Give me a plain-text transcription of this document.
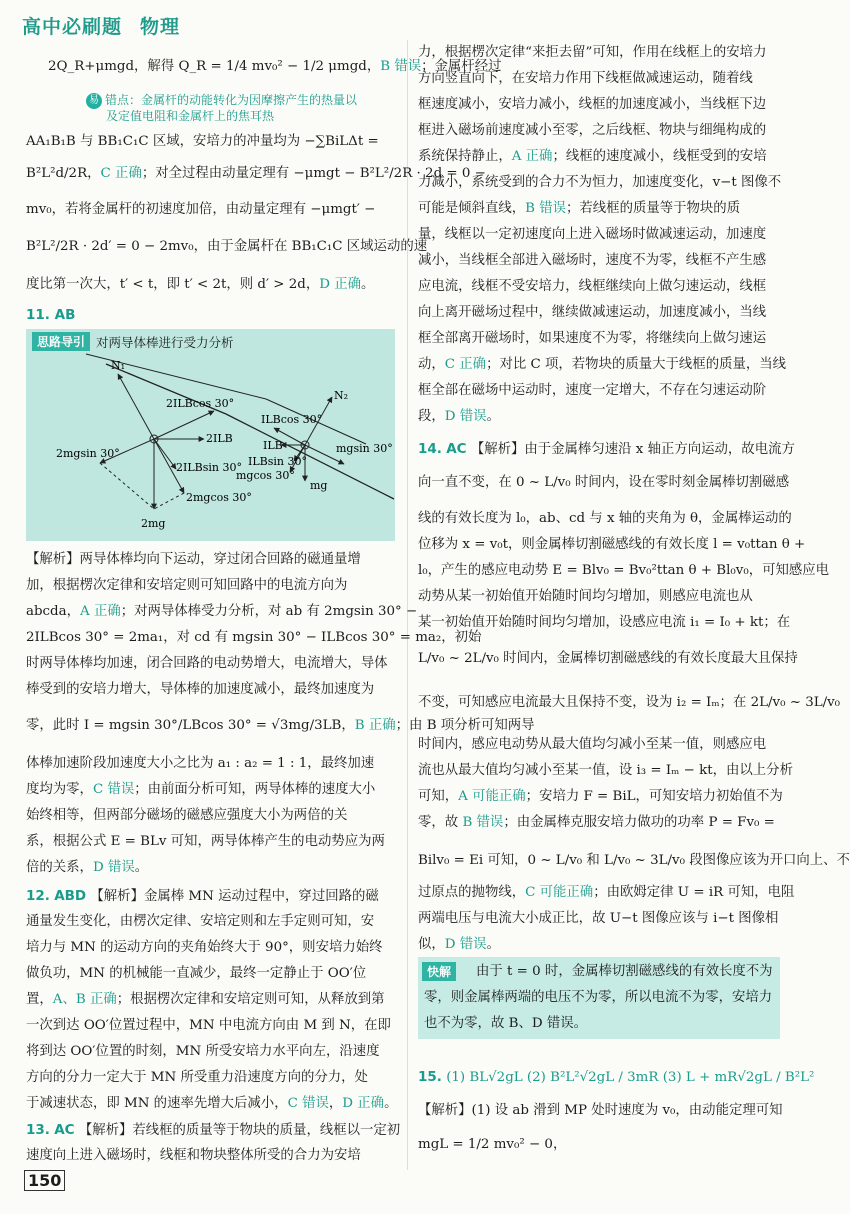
高中必刷题 物理
2Q_R+μmgd，解得 Q_R = 1/4 mv₀² − 1/2 μmgd，B 错误；金属杆经过
易 错点：金属杆的动能转化为因摩擦产生的热量以
及定值电阻和金属杆上的焦耳热
AA₁B₁B 与 BB₁C₁C 区域，安培力的冲量均为 −∑BiLΔt =
B²L²d/2R，C 正确；对全过程由动量定理有 −μmgt − B²L²/2R · 2d = 0 −
mv₀，若将金属杆的初速度加倍，由动量定理有 −μmgt′ −
B²L²/2R · 2d′ = 0 − 2mv₀，由于金属杆在 BB₁C₁C 区域运动的速
度比第一次大，t′ < t，即 t′ < 2t，则 d′ > 2d，D 正确。
11. AB
思路导引 对两导体棒进行受力分析
N₁
2ILBcos 30°
2ILB
2ILBsin 30°
2mgsin 30°
2mgcos 30°
2mg
N₂
ILBcos 30°
ILB
ILBsin 30°
mgsin 30°
mgcos 30°
mg
【解析】两导体棒均向下运动，穿过闭合回路的磁通量增
加，根据楞次定律和安培定则可知回路中的电流方向为
abcda，A 正确；对两导体棒受力分析，对 ab 有 2mgsin 30° −
2ILBcos 30° = 2ma₁，对 cd 有 mgsin 30° − ILBcos 30° = ma₂，初始
时两导体棒均加速，闭合回路的电动势增大，电流增大，导体
棒受到的安培力增大，导体棒的加速度减小，最终加速度为
零，此时 I = mgsin 30°/LBcos 30° = √3mg/3LB，B 正确；由 B 项分析可知两导
体棒加速阶段加速度大小之比为 a₁ : a₂ = 1 : 1，最终加速
度均为零，C 错误；由前面分析可知，两导体棒的速度大小
始终相等，但两部分磁场的磁感应强度大小为两倍的关
系，根据公式 E = BLv 可知，两导体棒产生的电动势应为两
倍的关系，D 错误。
12. ABD 【解析】金属棒 MN 运动过程中，穿过回路的磁
通量发生变化，由楞次定律、安培定则和左手定则可知，安
培力与 MN 的运动方向的夹角始终大于 90°，则安培力始终
做负功，MN 的机械能一直减少，最终一定静止于 OO′位
置，A、B 正确；根据楞次定律和安培定则可知，从释放到第
一次到达 OO′位置过程中，MN 中电流方向由 M 到 N，在即
将到达 OO′位置的时刻，MN 所受安培力水平向左，沿速度
方向的分力一定大于 MN 所受重力沿速度方向的分力，处
于减速状态，即 MN 的速率先增大后减小，C 错误，D 正确。
13. AC 【解析】若线框的质量等于物块的质量，线框以一定初
速度向上进入磁场时，线框和物块整体所受的合力为安培
150
力，根据楞次定律“来拒去留”可知，作用在线框上的安培力
方向竖直向下，在安培力作用下线框做减速运动，随着线
框速度减小，安培力减小，线框的加速度减小，当线框下边
框进入磁场前速度减小至零，之后线框、物块与细绳构成的
系统保持静止，A 正确；线框的速度减小，线框受到的安培
力减小，系统受到的合力不为恒力，加速度变化，v−t 图像不
可能是倾斜直线，B 错误；若线框的质量等于物块的质
量，线框以一定初速度向上进入磁场时做减速运动，加速度
减小，当线框全部进入磁场时，速度不为零，线框不产生感
应电流，线框不受安培力，线框继续向上做匀速运动，线框
向上离开磁场过程中，继续做减速运动，加速度减小，当线
框全部离开磁场时，如果速度不为零，将继续向上做匀速运
动，C 正确；对比 C 项，若物块的质量大于线框的质量，当线
框全部在磁场中运动时，速度一定增大，不存在匀速运动阶
段，D 错误。
14. AC 【解析】由于金属棒匀速沿 x 轴正方向运动，故电流方
向一直不变，在 0 ~ L/v₀ 时间内，设在零时刻金属棒切割磁感
线的有效长度为 l₀，ab、cd 与 x 轴的夹角为 θ，金属棒运动的
位移为 x = v₀t，则金属棒切割磁感线的有效长度 l = v₀ttan θ +
l₀，产生的感应电动势 E = Blv₀ = Bv₀²ttan θ + Bl₀v₀，可知感应电
动势从某一初始值开始随时间均匀增加，则感应电流也从
某一初始值开始随时间均匀增加，设感应电流 i₁ = I₀ + kt；在
L/v₀ ~ 2L/v₀ 时间内，金属棒切割磁感线的有效长度最大且保持
不变，可知感应电流最大且保持不变，设为 i₂ = Iₘ；在 2L/v₀ ~ 3L/v₀
时间内，感应电动势从最大值均匀减小至某一值，则感应电
流也从最大值均匀减小至某一值，设 i₃ = Iₘ − kt，由以上分析
可知，A 可能正确；安培力 F = BiL，可知安培力初始值不为
零，故 B 错误；由金属棒克服安培力做功的功率 P = Fv₀ =
Bilv₀ = Ei 可知，0 ~ L/v₀ 和 L/v₀ ~ 3L/v₀ 段图像应该为开口向上、不
过原点的抛物线，C 可能正确；由欧姆定律 U = iR 可知，电阻
两端电压与电流大小成正比，故 U−t 图像应该与 i−t 图像相
似，D 错误。
快解	由于 t = 0 时，金属棒切割磁感线的有效长度不为
零，则金属棒两端的电压不为零，所以电流不为零，安培力
也不为零，故 B、D 错误。
15. (1) BL√2gL (2) B²L²√2gL / 3mR (3) L + mR√2gL / B²L²
【解析】(1) 设 ab 滑到 MP 处时速度为 v₀，由动能定理可知
mgL = 1/2 mv₀² − 0，
